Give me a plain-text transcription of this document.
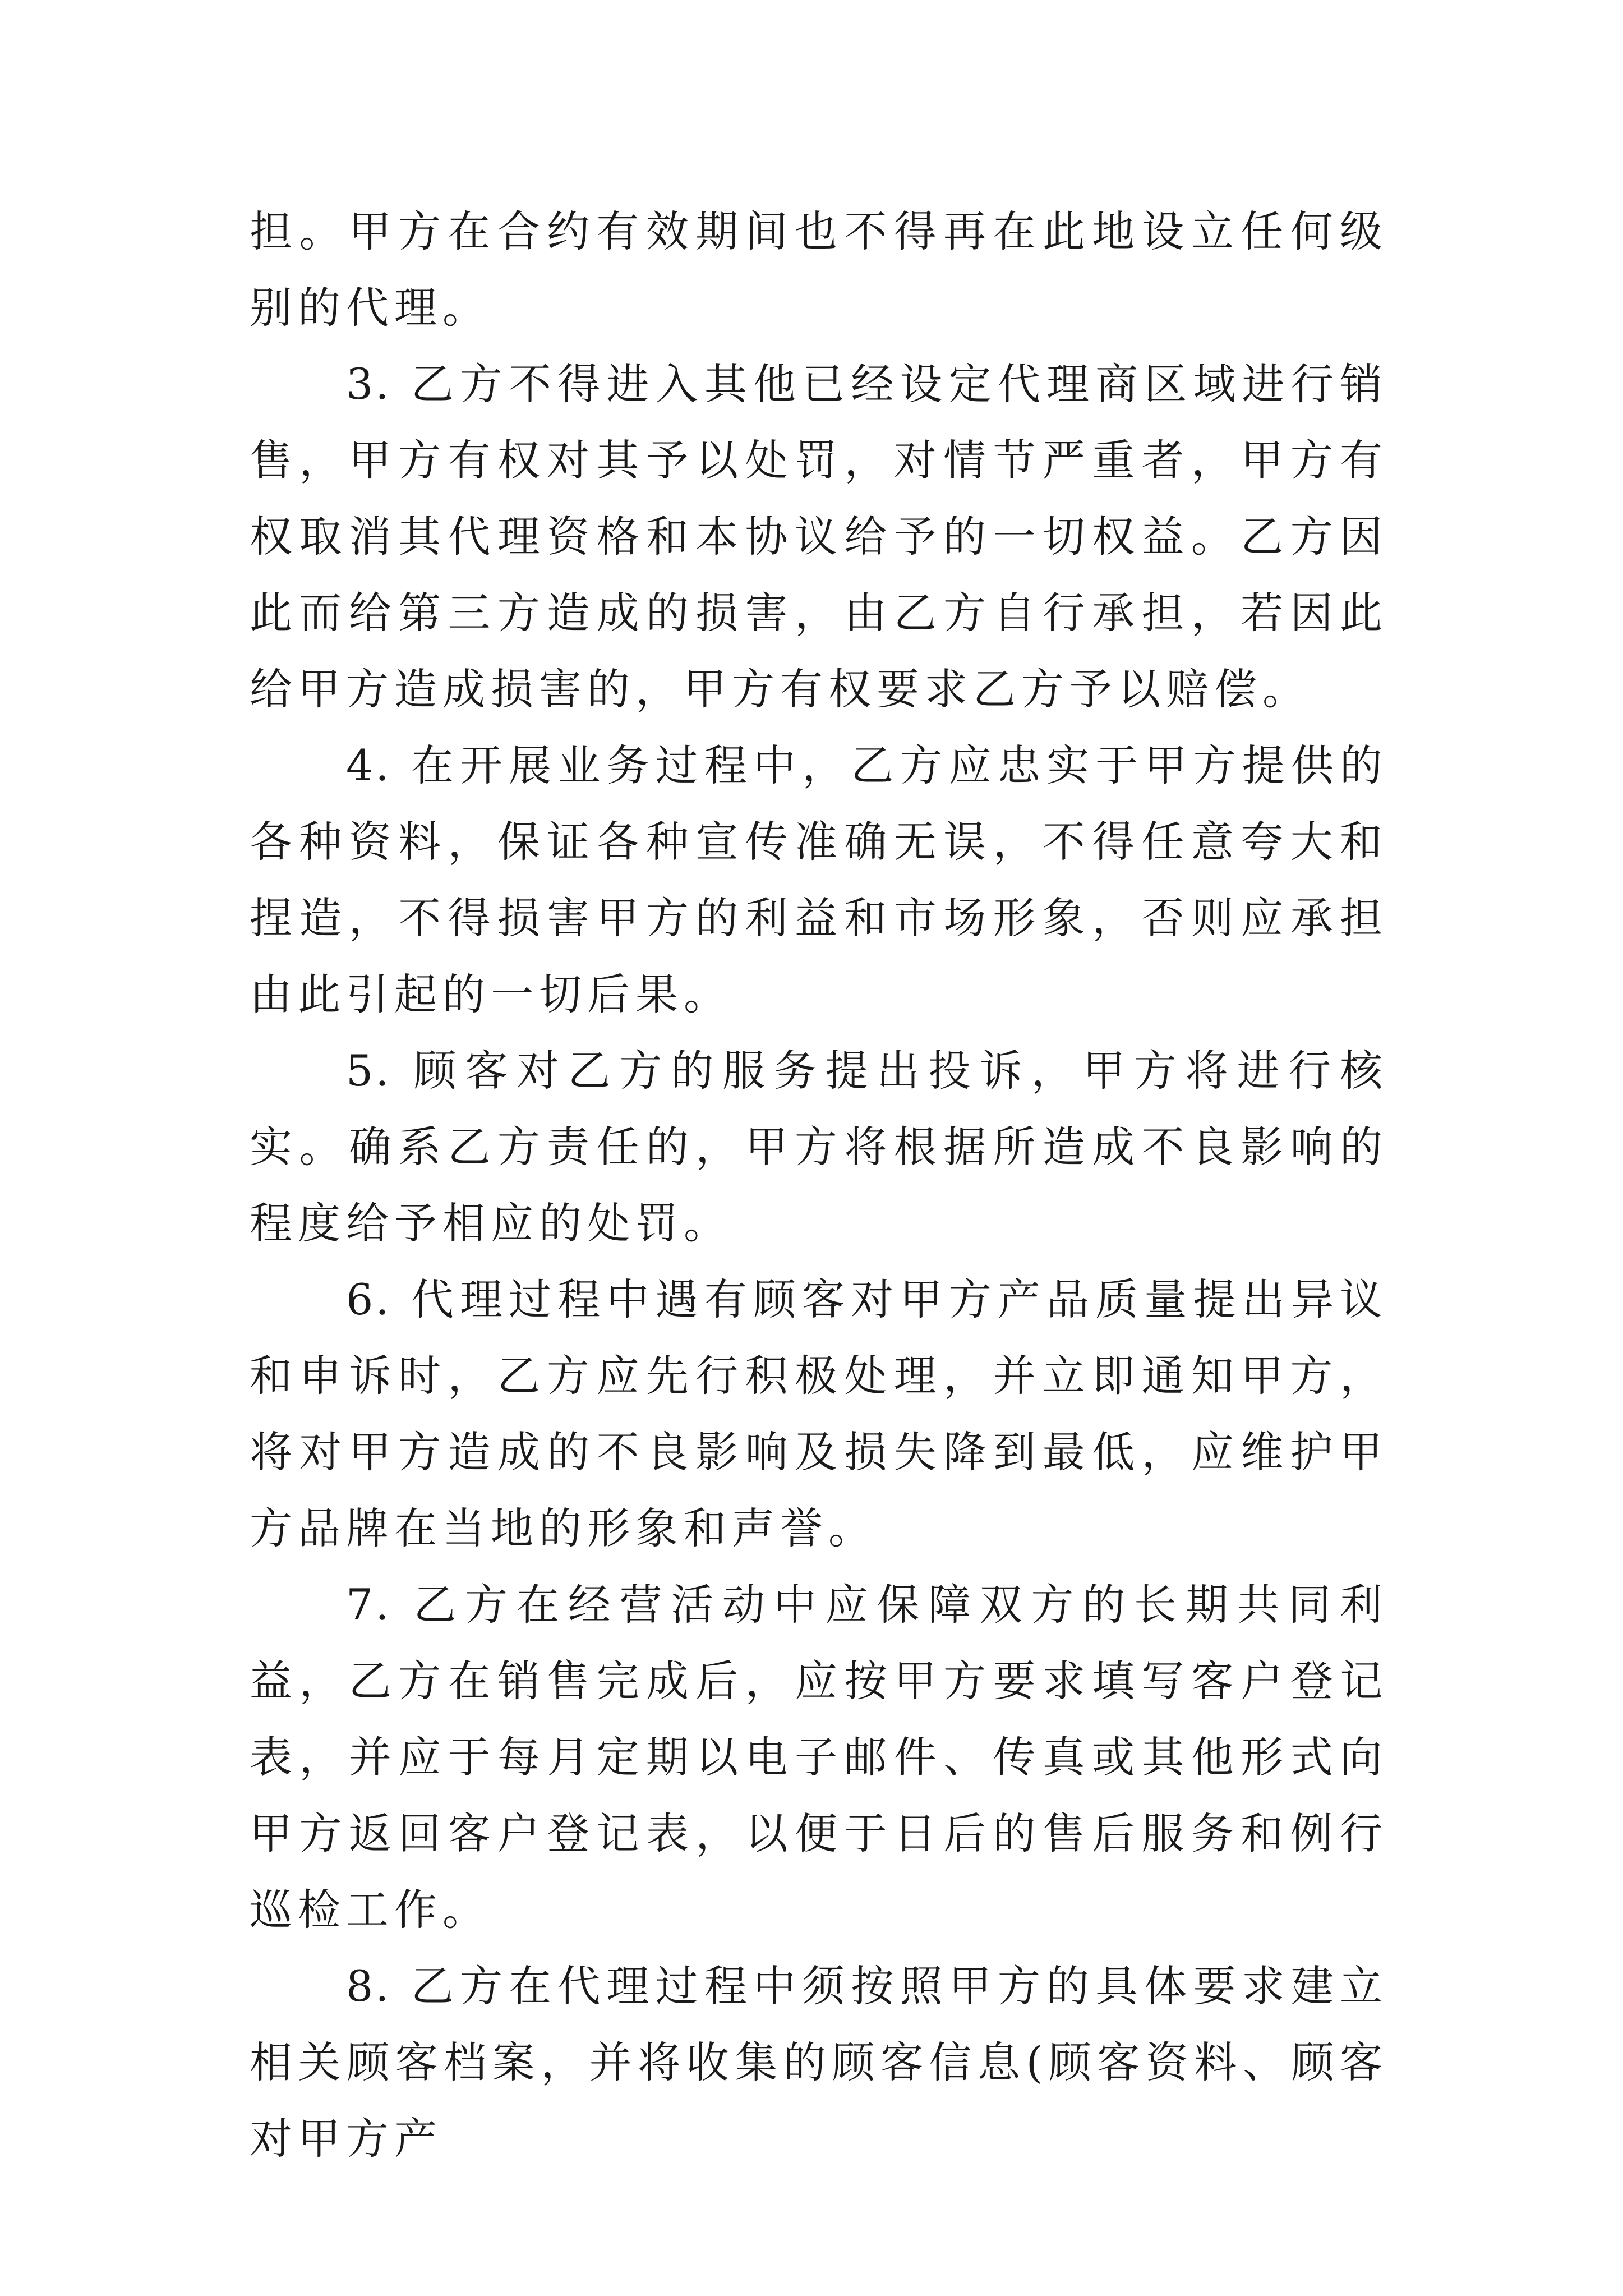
担。甲方在合约有效期间也不得再在此地设立任何级别的代理。

3. 乙方不得进入其他已经设定代理商区域进行销售，甲方有权对其予以处罚，对情节严重者，甲方有权取消其代理资格和本协议给予的一切权益。乙方因此而给第三方造成的损害，由乙方自行承担，若因此给甲方造成损害的，甲方有权要求乙方予以赔偿。

4. 在开展业务过程中，乙方应忠实于甲方提供的各种资料，保证各种宣传准确无误，不得任意夸大和捏造，不得损害甲方的利益和市场形象，否则应承担由此引起的一切后果。

5. 顾客对乙方的服务提出投诉，甲方将进行核实。确系乙方责任的，甲方将根据所造成不良影响的程度给予相应的处罚。

6. 代理过程中遇有顾客对甲方产品质量提出异议和申诉时，乙方应先行积极处理，并立即通知甲方，将对甲方造成的不良影响及损失降到最低，应维护甲方品牌在当地的形象和声誉。

7. 乙方在经营活动中应保障双方的长期共同利益，乙方在销售完成后，应按甲方要求填写客户登记表，并应于每月定期以电子邮件、传真或其他形式向甲方返回客户登记表，以便于日后的售后服务和例行巡检工作。

8. 乙方在代理过程中须按照甲方的具体要求建立相关顾客档案，并将收集的顾客信息(顾客资料、顾客对甲方产
